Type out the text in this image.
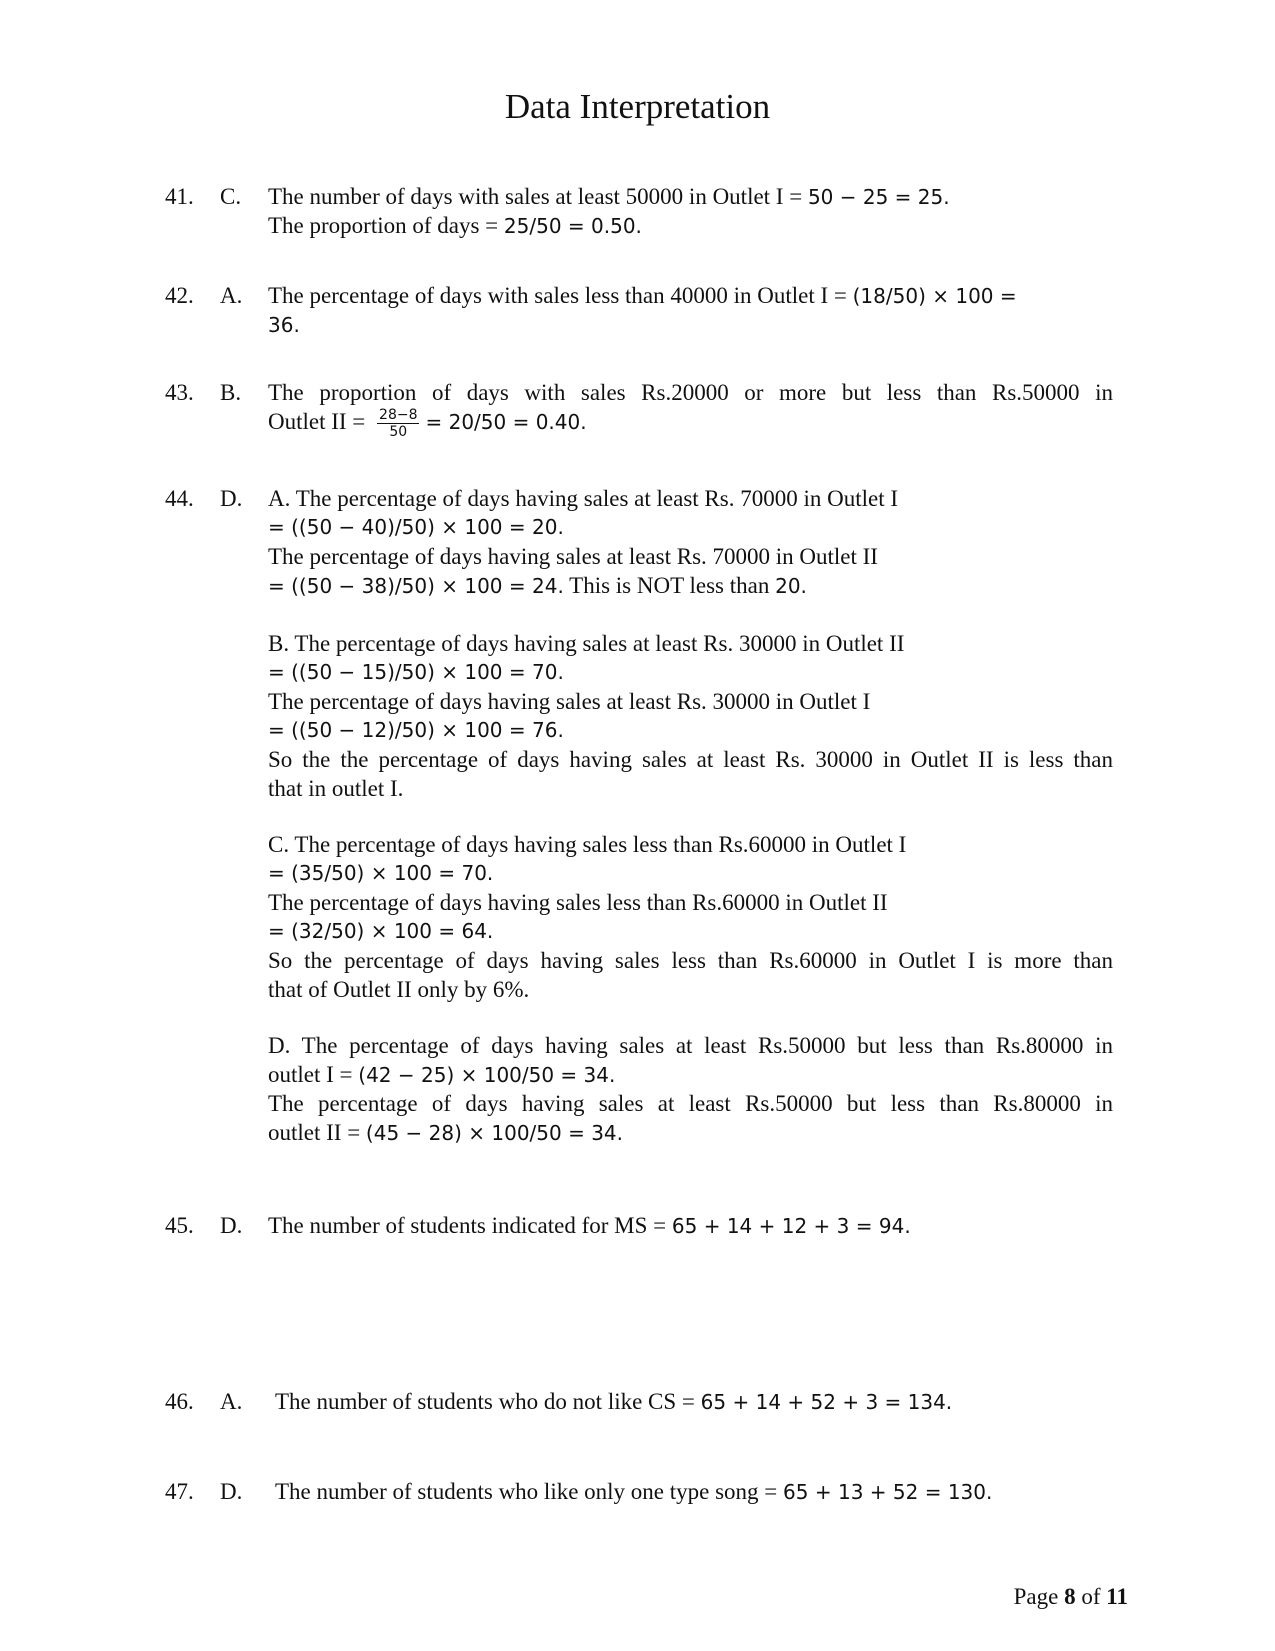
Data Interpretation
41. C. The number of days with sales at least 50000 in Outlet I = 50 − 25 = 25.
The proportion of days = 25/50 = 0.50.
42. A. The percentage of days with sales less than 40000 in Outlet I = (18/50) × 100 =
36.
43. B. The proportion of days with sales Rs.20000 or more but less than Rs.50000 in
Outlet II = $\frac{28-8}{50} = 20/50 = 0.40$.
44. D. A. The percentage of days having sales at least Rs. 70000 in Outlet I
= ((50 − 40)/50) × 100 = 20.
The percentage of days having sales at least Rs. 70000 in Outlet II
= ((50 − 38)/50) × 100 = 24. This is NOT less than 20.
B. The percentage of days having sales at least Rs. 30000 in Outlet II
= ((50 − 15)/50) × 100 = 70.
The percentage of days having sales at least Rs. 30000 in Outlet I
= ((50 − 12)/50) × 100 = 76.
So the the percentage of days having sales at least Rs. 30000 in Outlet II is less than
that in outlet I.
C. The percentage of days having sales less than Rs.60000 in Outlet I
= (35/50) × 100 = 70.
The percentage of days having sales less than Rs.60000 in Outlet II
= (32/50) × 100 = 64.
So the percentage of days having sales less than Rs.60000 in Outlet I is more than
that of Outlet II only by 6%.
D. The percentage of days having sales at least Rs.50000 but less than Rs.80000 in
outlet I = (42 − 25) × 100/50 = 34.
The percentage of days having sales at least Rs.50000 but less than Rs.80000 in
outlet II = (45 − 28) × 100/50 = 34.
45. D. The number of students indicated for MS = 65 + 14 + 12 + 3 = 94.
46. A. The number of students who do not like CS = 65 + 14 + 52 + 3 = 134.
47. D. The number of students who like only one type song = 65 + 13 + 52 = 130.
Page 8 of 11
